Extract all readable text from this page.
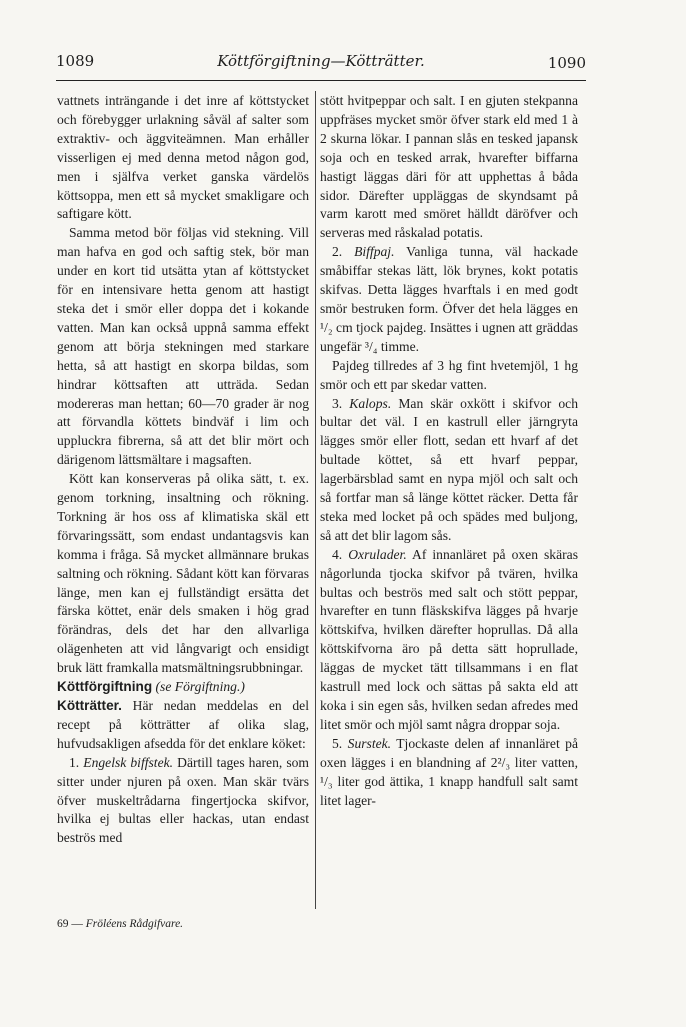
1089	Köttförgiftning—Kötträtter.	1090

vattnets inträngande i det inre af köttstycket och förebygger urlakning såväl af salter som extraktiv- och äggviteämnen. Man erhåller visserligen ej med denna metod någon god, men i själfva verket ganska värdelös köttsoppa, men ett så mycket smakligare och saftigare kött.

Samma metod bör följas vid stekning. Vill man hafva en god och saftig stek, bör man under en kort tid utsätta ytan af köttstycket för en intensivare hetta genom att hastigt steka det i smör eller doppa det i kokande vatten. Man kan också uppnå samma effekt genom att börja stekningen med starkare hetta, så att hastigt en skorpa bildas, som hindrar köttsaften att utträda. Sedan modereras man hettan; 60—70 grader är nog att förvandla köttets bindväf i lim och uppluckra fibrerna, så att det blir mört och därigenom lättsmältare i magsaften.

Kött kan konserveras på olika sätt, t. ex. genom torkning, insaltning och rökning. Torkning är hos oss af klimatiska skäl ett förvaringssätt, som endast undantagsvis kan komma i fråga. Så mycket allmännare brukas saltning och rökning. Sådant kött kan förvaras länge, men kan ej fullständigt ersätta det färska köttet, enär dels smaken i hög grad förändras, dels det har den allvarliga olägenheten att vid långvarigt och ensidigt bruk lätt framkalla matsmältningsrubbningar.

Köttförgiftning (se Förgiftning.)

Kötträtter. Här nedan meddelas en del recept på kötträtter af olika slag, hufvudsakligen afsedda för det enklare köket:

1. Engelsk biffstek. Därtill tages haren, som sitter under njuren på oxen. Man skär tvärs öfver muskeltrådarna fingertjocka skifvor, hvilka ej bultas eller hackas, utan endast beströs med

stött hvitpeppar och salt. I en gjuten stekpanna uppfräses mycket smör öfver stark eld med 1 à 2 skurna lökar. I pannan slås en tesked japansk soja och en tesked arrak, hvarefter biffarna hastigt läggas däri för att upphettas å båda sidor. Därefter uppläggas de skyndsamt på varm karott med smöret hälldt däröfver och serveras med råskalad potatis.

2. Biffpaj. Vanliga tunna, väl hackade småbiffar stekas lätt, lök brynes, kokt potatis skifvas. Detta lägges hvarftals i en med godt smör bestruken form. Öfver det hela lägges en ¹/₂ cm tjock pajdeg. Insättes i ugnen att gräddas ungefär ³/₄ timme.

Pajdeg tillredes af 3 hg fint hvetemjöl, 1 hg smör och ett par skedar vatten.

3. Kalops. Man skär oxkött i skifvor och bultar det väl. I en kastrull eller järngryta lägges smör eller flott, sedan ett hvarf af det bultade köttet, så ett hvarf peppar, lagerbärsblad samt en nypa mjöl och salt och så fortfar man så länge köttet räcker. Detta får steka med locket på och spädes med buljong, så att det blir lagom sås.

4. Oxrulader. Af innanläret på oxen skäras någorlunda tjocka skifvor på tvären, hvilka bultas och beströs med salt och stött peppar, hvarefter en tunn fläskskifva lägges på hvarje köttskifva, hvilken därefter hoprullas. Då alla köttskifvorna äro på detta sätt hoprullade, läggas de mycket tätt tillsammans i en flat kastrull med lock och sättas på sakta eld att koka i sin egen sås, hvilken sedan afredes med litet smör och mjöl samt några droppar soja.

5. Surstek. Tjockaste delen af innanläret på oxen lägges i en blandning af 2²/₃ liter vatten, ¹/₃ liter god ättika, 1 knapp handfull salt samt litet lager-

69 — Fröléens Rådgifvare.
